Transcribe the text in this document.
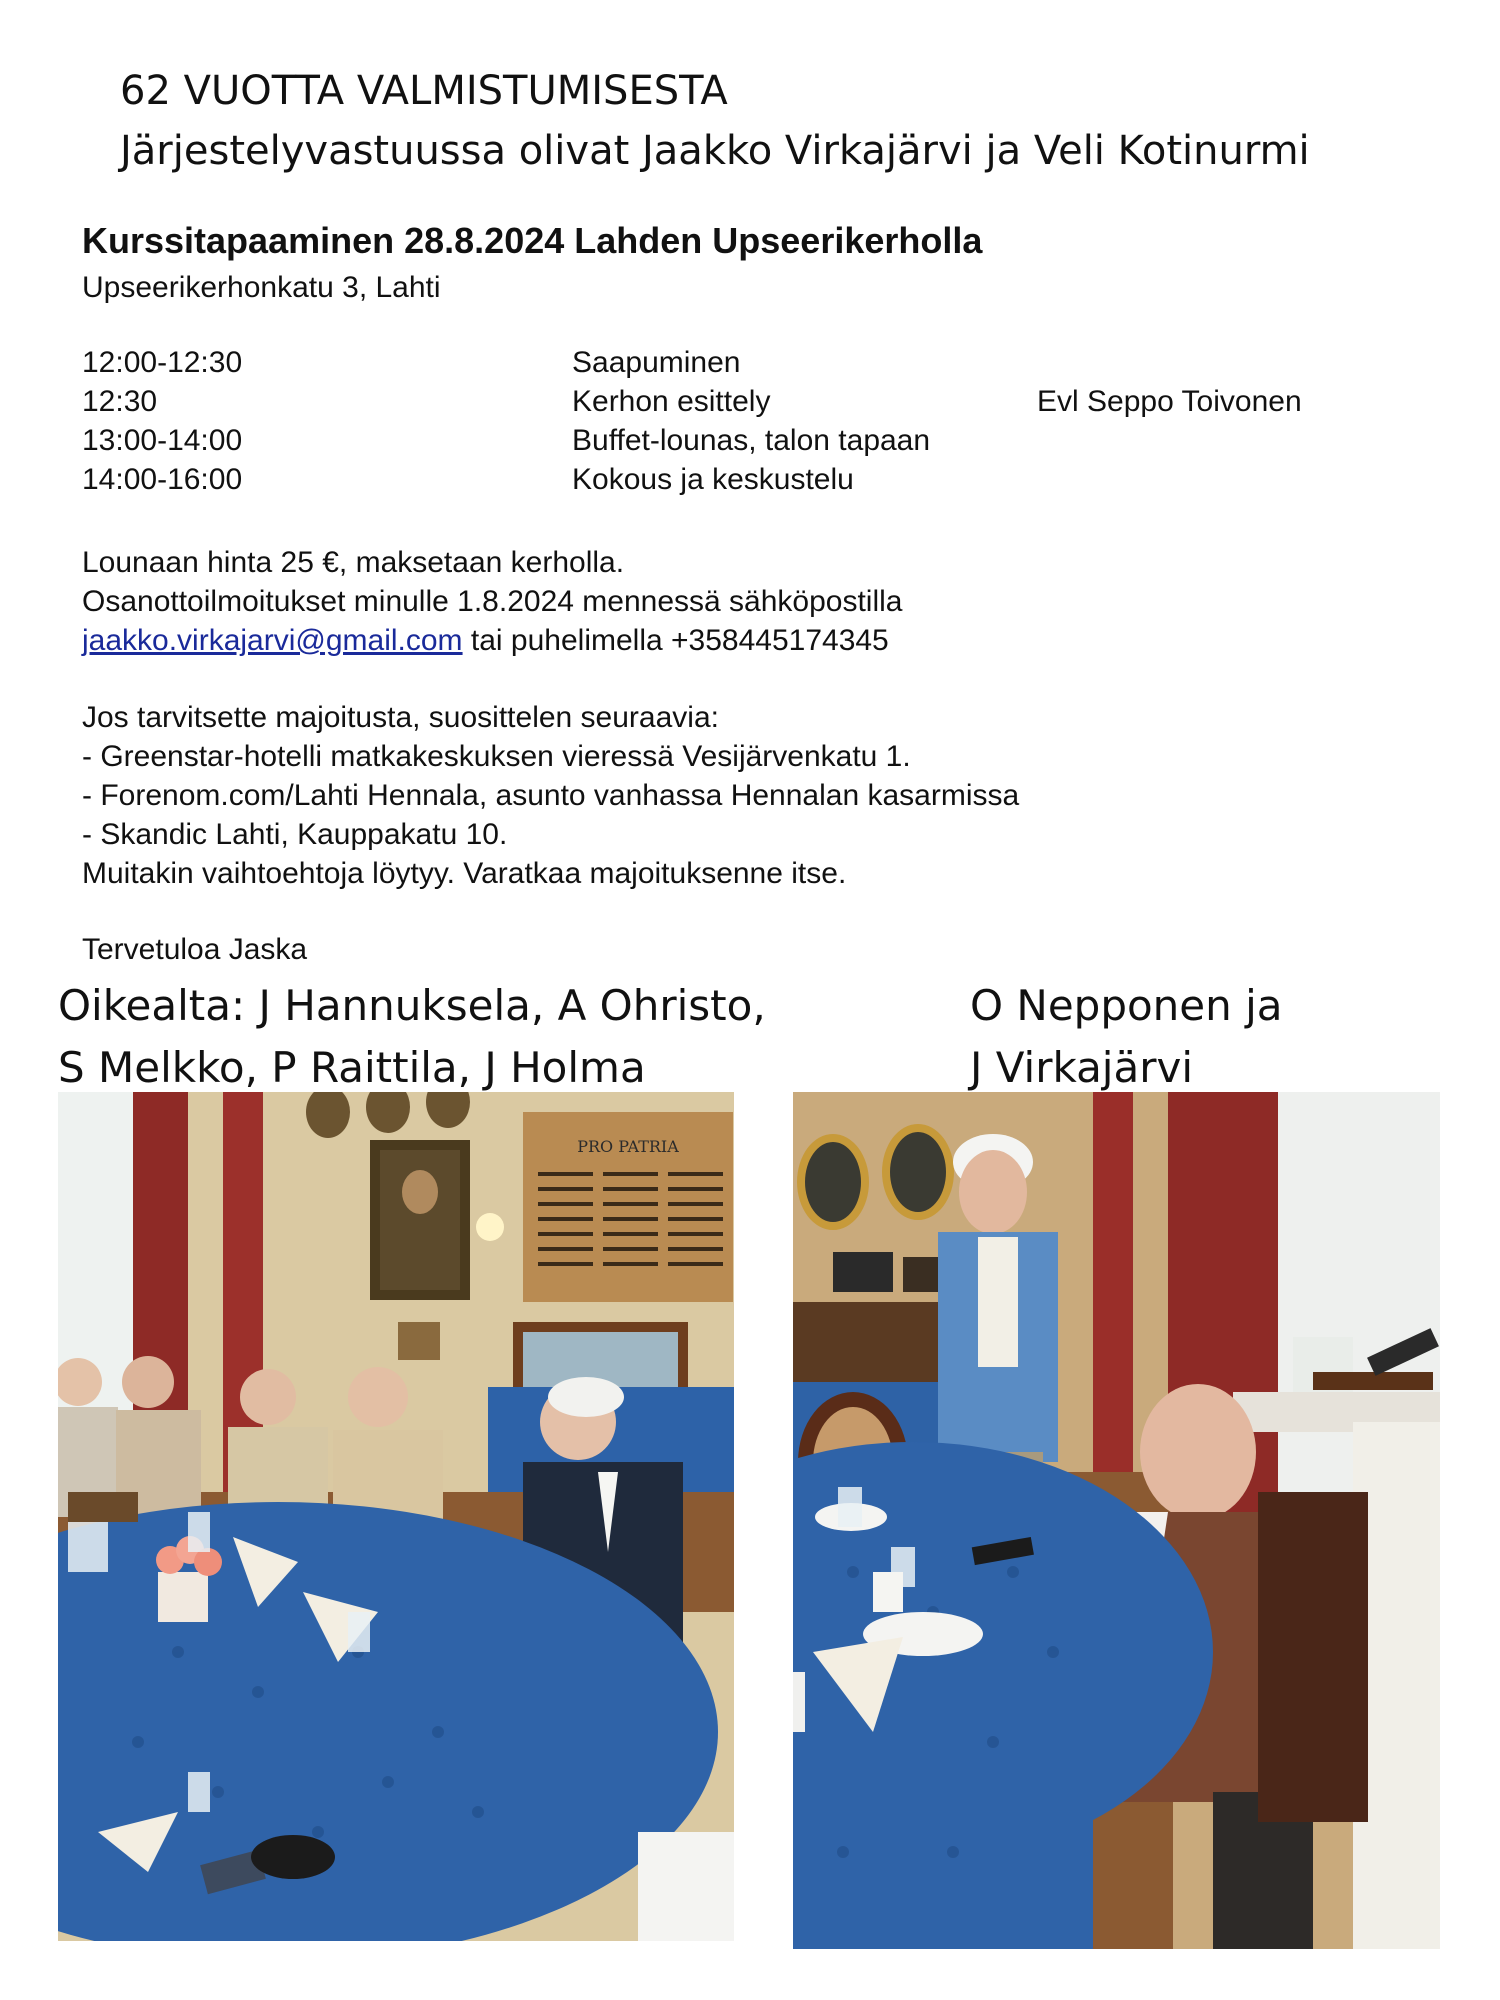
62 VUOTTA VALMISTUMISESTA
Järjestelyvastuussa olivat Jaakko Virkajärvi ja Veli Kotinurmi
Kurssitapaaminen 28.8.2024 Lahden Upseerikerholla
Upseerikerhonkatu 3, Lahti
12:00-12:30	Saapuminen
12:30	Kerhon esittely	Evl Seppo Toivonen
13:00-14:00	Buffet-lounas, talon tapaan
14:00-16:00	Kokous ja keskustelu
Lounaan hinta 25 €, maksetaan kerholla.
Osanottoilmoitukset minulle 1.8.2024 mennessä sähköpostilla
jaakko.virkajarvi@gmail.com tai puhelimella +358445174345
Jos tarvitsette majoitusta, suosittelen seuraavia:
- Greenstar-hotelli matkakeskuksen vieressä Vesijärvenkatu 1.
- Forenom.com/Lahti Hennala, asunto vanhassa Hennalan kasarmissa
- Skandic Lahti, Kauppakatu 10.
Muitakin vaihtoehtoja löytyy. Varatkaa majoituksenne itse.
Tervetuloa Jaska
Oikealta: J Hannuksela, A Ohristo,
S Melkko, P Raittila, J Holma
O Nepponen ja
J Virkajärvi
PRO PATRIA
